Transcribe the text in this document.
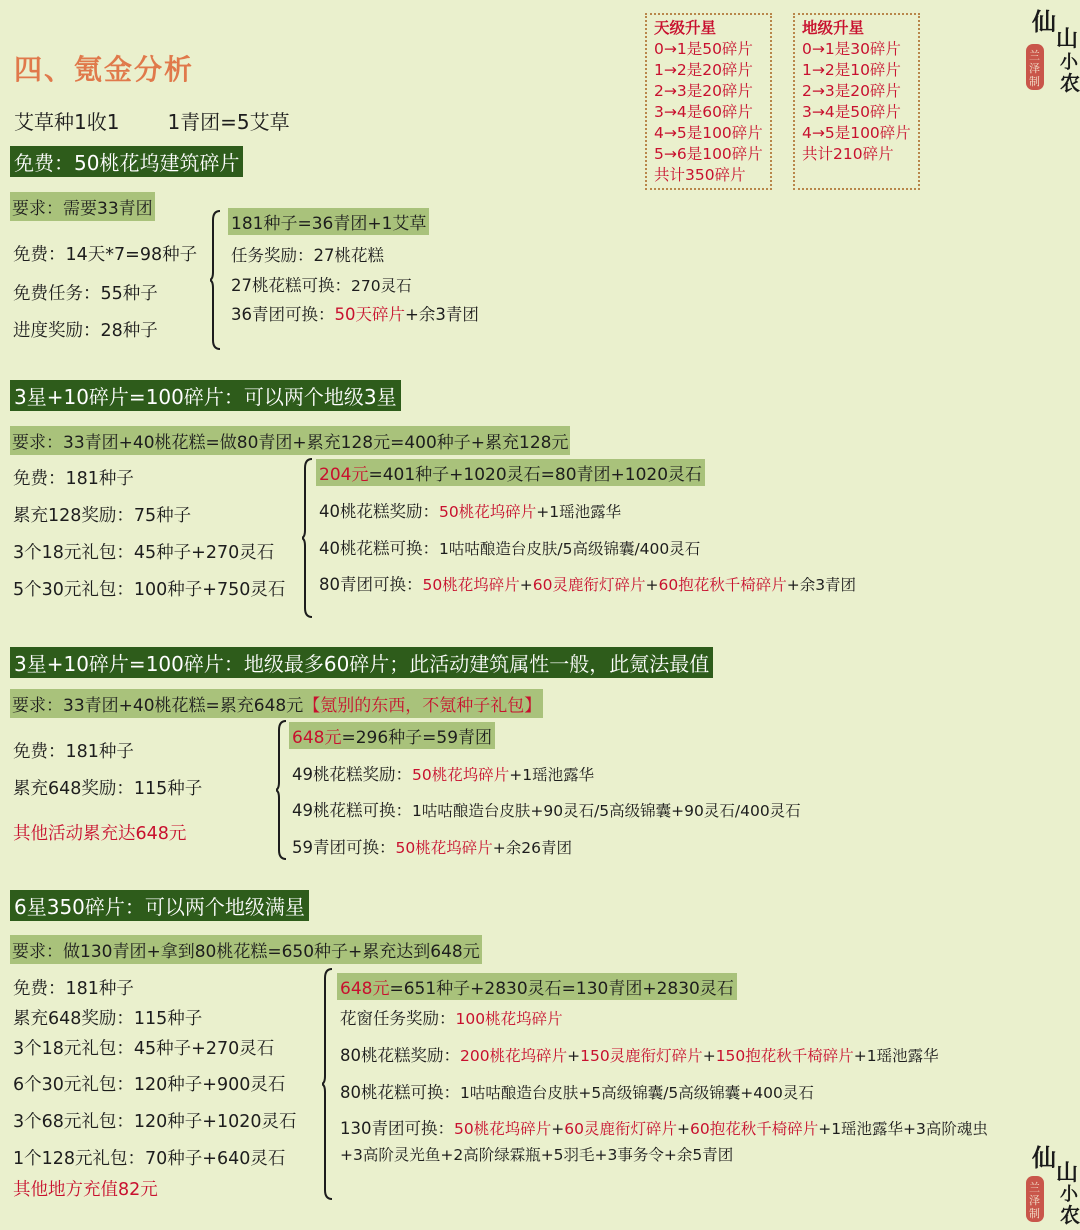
四、氪金分析
艾草种1收1 1青团=5艾草
天级升星
0→1是50碎片
1→2是20碎片
2→3是20碎片
3→4是60碎片
4→5是100碎片
5→6是100碎片
共计350碎片
地级升星
0→1是30碎片
1→2是10碎片
2→3是20碎片
3→4是50碎片
4→5是100碎片
共计210碎片
仙
山
小
农
兰
泽
制
仙
山
小
农
兰
泽
制
免费：50桃花坞建筑碎片
要求：需要33青团
免费：14天*7=98种子
免费任务：55种子
进度奖励：28种子
181种子=36青团+1艾草
任务奖励：27桃花糕
27桃花糕可换：270灵石
36青团可换：50天碎片+余3青团
3星+10碎片=100碎片：可以两个地级3星
要求：33青团+40桃花糕=做80青团+累充128元=400种子+累充128元
免费：181种子
累充128奖励：75种子
3个18元礼包：45种子+270灵石
5个30元礼包：100种子+750灵石
204元=401种子+1020灵石=80青团+1020灵石
40桃花糕奖励：50桃花坞碎片+1瑶池露华
40桃花糕可换：1咕咕酿造台皮肤/5高级锦囊/400灵石
80青团可换：50桃花坞碎片+60灵鹿衔灯碎片+60抱花秋千椅碎片+余3青团
3星+10碎片=100碎片：地级最多60碎片；此活动建筑属性一般，此氪法最值
要求：33青团+40桃花糕=累充648元【氪别的东西，不氪种子礼包】
免费：181种子
累充648奖励：115种子
其他活动累充达648元
648元=296种子=59青团
49桃花糕奖励：50桃花坞碎片+1瑶池露华
49桃花糕可换：1咕咕酿造台皮肤+90灵石/5高级锦囊+90灵石/400灵石
59青团可换：50桃花坞碎片+余26青团
6星350碎片：可以两个地级满星
要求：做130青团+拿到80桃花糕=650种子+累充达到648元
免费：181种子
累充648奖励：115种子
3个18元礼包：45种子+270灵石
6个30元礼包：120种子+900灵石
3个68元礼包：120种子+1020灵石
1个128元礼包：70种子+640灵石
其他地方充值82元
648元=651种子+2830灵石=130青团+2830灵石
花窗任务奖励：100桃花坞碎片
80桃花糕奖励：200桃花坞碎片+150灵鹿衔灯碎片+150抱花秋千椅碎片+1瑶池露华
80桃花糕可换：1咕咕酿造台皮肤+5高级锦囊/5高级锦囊+400灵石
130青团可换：50桃花坞碎片+60灵鹿衔灯碎片+60抱花秋千椅碎片+1瑶池露华+3高阶魂虫
+3高阶灵光鱼+2高阶绿霖瓶+5羽毛+3事务令+余5青团
